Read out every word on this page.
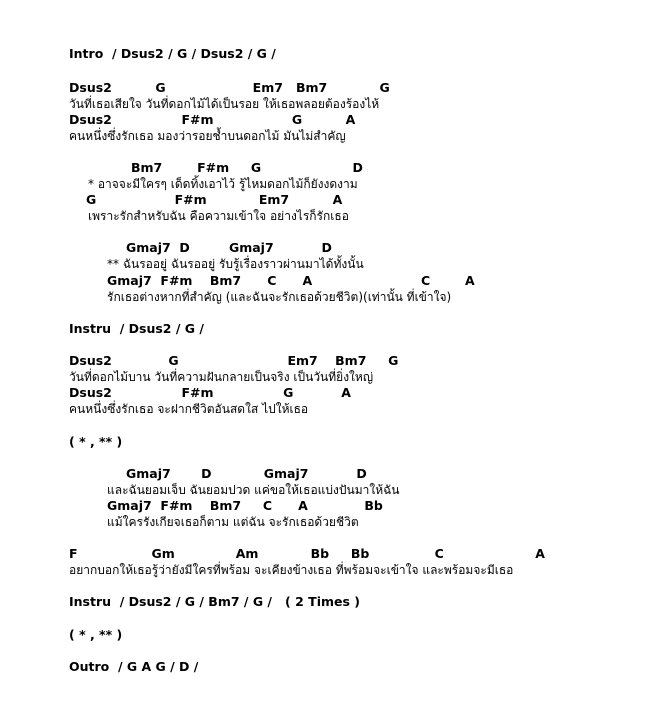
Intro  / Dsus2 / G / Dsus2 / G /
Dsus2          G                    Em7   Bm7            G
วันที่เธอเสียใจ วันที่ดอกไม้ได้เป็นรอย ให้เธอพลอยต้องร้องไห้
Dsus2                F#m                  G          A
คนหนึ่งซึ่งรักเธอ มองว่ารอยช้ำบนดอกไม้ มันไม่สำคัญ
Bm7        F#m     G                     D
* อาจจะมีใครๆ เด็ดทิ้งเอาไว้ รู้ไหมดอกไม้ก็ยังงดงาม
G                  F#m            Em7          A
เพราะรักสำหรับฉัน คือความเข้าใจ อย่างไรก็รักเธอ
Gmaj7  D         Gmaj7           D
** ฉันรออยู่ ฉันรออยู่ รับรู้เรื่องราวผ่านมาได้ทั้งนั้น
Gmaj7  F#m    Bm7      C      A                         C        A
รักเธอต่างหากที่สำคัญ (และฉันจะรักเธอด้วยชีวิต)(เท่านั้น ที่เข้าใจ)
Instru  / Dsus2 / G /
Dsus2             G                         Em7    Bm7     G
วันที่ดอกไม้บาน วันที่ความฝันกลายเป็นจริง เป็นวันที่ยิ่งใหญ่
Dsus2                F#m                G           A
คนหนึ่งซึ่งรักเธอ จะฝากชีวิตอันสดใส ไปให้เธอ
( * , ** )
Gmaj7       D            Gmaj7           D
และฉันยอมเจ็บ ฉันยอมปวด แค่ขอให้เธอแบ่งปันมาให้ฉัน
Gmaj7  F#m    Bm7     C      A             Bb
แม้ใครรังเกียจเธอก็ตาม แต่ฉัน จะรักเธอด้วยชีวิต
F                 Gm              Am            Bb     Bb               C                     A
อยากบอกให้เธอรู้ว่ายังมีใครที่พร้อม จะเคียงข้างเธอ ที่พร้อมจะเข้าใจ และพร้อมจะมีเธอ
Instru  / Dsus2 / G / Bm7 / G /   ( 2 Times )
( * , ** )
Outro  / G A G / D /
